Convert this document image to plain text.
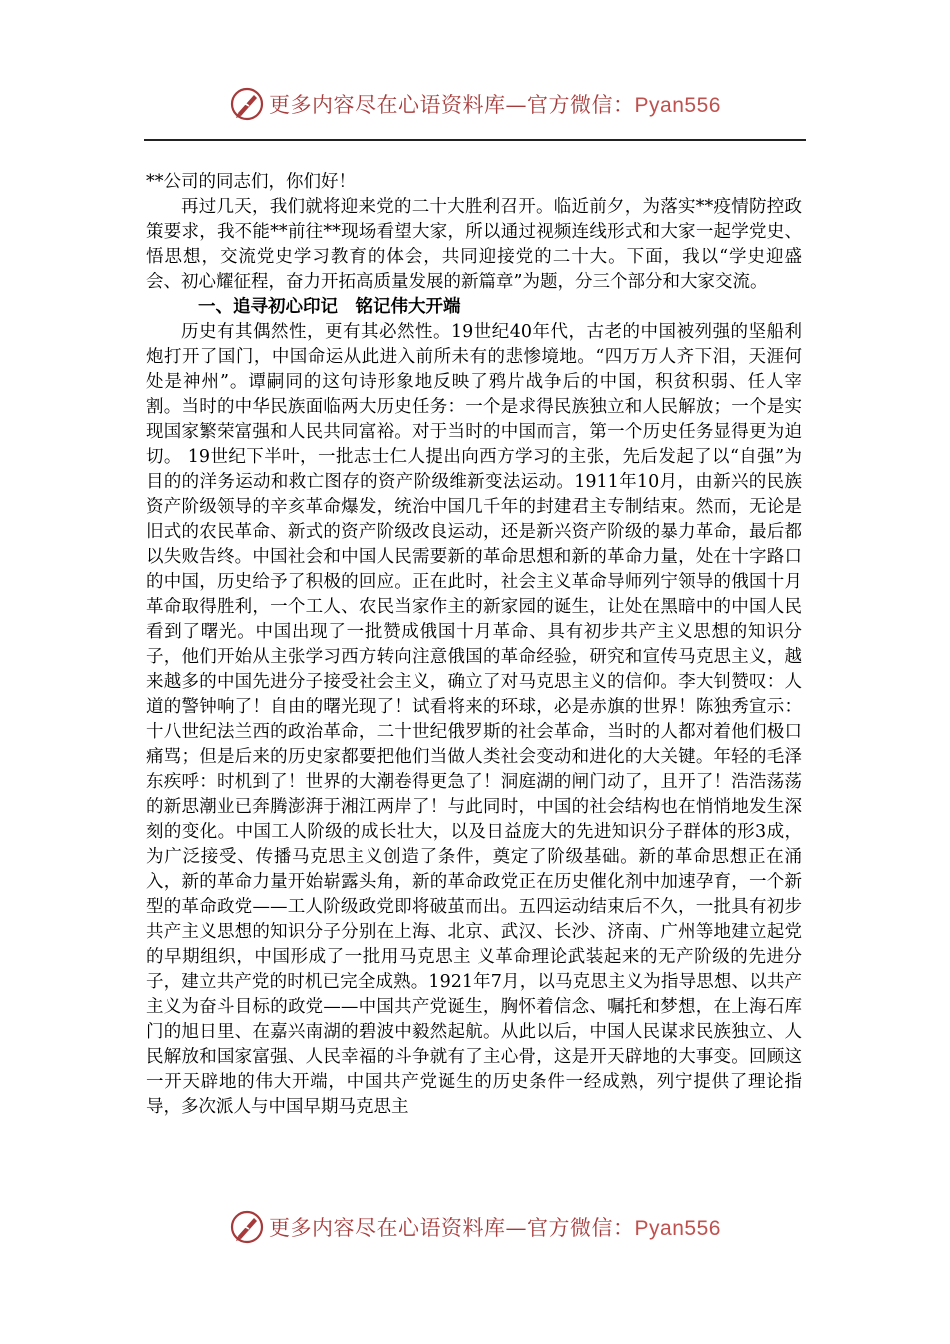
更多内容尽在心语资料库—官方微信：Pyan556

**公司的同志们，你们好！

再过几天，我们就将迎来党的二十大胜利召开。临近前夕，为落实**疫情防控政策要求，我不能**前往**现场看望大家，所以通过视频连线形式和大家一起学党史、悟思想，交流党史学习教育的体会，共同迎接党的二十大。下面，我以“学史迎盛会、初心耀征程，奋力开拓高质量发展的新篇章”为题，分三个部分和大家交流。

一、追寻初心印记　铭记伟大开端

历史有其偶然性，更有其必然性。19世纪40年代，古老的中国被列强的坚船利炮打开了国门，中国命运从此进入前所未有的悲惨境地。“四万万人齐下泪，天涯何处是神州”。谭嗣同的这句诗形象地反映了鸦片战争后的中国，积贫积弱、任人宰割。当时的中华民族面临两大历史任务：一个是求得民族独立和人民解放；一个是实现国家繁荣富强和人民共同富裕。对于当时的中国而言，第一个历史任务显得更为迫切。 19世纪下半叶，一批志士仁人提出向西方学习的主张，先后发起了以“自强”为目的的洋务运动和救亡图存的资产阶级维新变法运动。1911年10月，由新兴的民族资产阶级领导的辛亥革命爆发，统治中国几千年的封建君主专制结束。然而，无论是旧式的农民革命、新式的资产阶级改良运动，还是新兴资产阶级的暴力革命，最后都以失败告终。中国社会和中国人民需要新的革命思想和新的革命力量，处在十字路口的中国，历史给予了积极的回应。正在此时，社会主义革命导师列宁领导的俄国十月革命取得胜利，一个工人、农民当家作主的新家园的诞生，让处在黑暗中的中国人民看到了曙光。中国出现了一批赞成俄国十月革命、具有初步共产主义思想的知识分子，他们开始从主张学习西方转向注意俄国的革命经验，研究和宣传马克思主义，越来越多的中国先进分子接受社会主义，确立了对马克思主义的信仰。李大钊赞叹：人道的警钟响了！自由的曙光现了！试看将来的环球，必是赤旗的世界！陈独秀宣示：十八世纪法兰西的政治革命，二十世纪俄罗斯的社会革命，当时的人都对着他们极口痛骂；但是后来的历史家都要把他们当做人类社会变动和进化的大关键。年轻的毛泽东疾呼：时机到了！世界的大潮卷得更急了！洞庭湖的闸门动了，且开了！浩浩荡荡的新思潮业已奔腾澎湃于湘江两岸了！与此同时，中国的社会结构也在悄悄地发生深刻的变化。中国工人阶级的成长壮大，以及日益庞大的先进知识分子群体的形3成，为广泛接受、传播马克思主义创造了条件，奠定了阶级基础。新的革命思想正在涌入，新的革命力量开始崭露头角，新的革命政党正在历史催化剂中加速孕育，一个新型的革命政党——工人阶级政党即将破茧而出。五四运动结束后不久，一批具有初步共产主义思想的知识分子分别在上海、北京、武汉、长沙、济南、广州等地建立起党的早期组织，中国形成了一批用马克思主 义革命理论武装起来的无产阶级的先进分子，建立共产党的时机已完全成熟。1921年7月，以马克思主义为指导思想、以共产主义为奋斗目标的政党——中国共产党诞生，胸怀着信念、嘱托和梦想，在上海石库门的旭日里、在嘉兴南湖的碧波中毅然起航。从此以后，中国人民谋求民族独立、人民解放和国家富强、人民幸福的斗争就有了主心骨，这是开天辟地的大事变。回顾这一开天辟地的伟大开端，中国共产党诞生的历史条件一经成熟，列宁提供了理论指导，多次派人与中国早期马克思主

更多内容尽在心语资料库—官方微信：Pyan556
